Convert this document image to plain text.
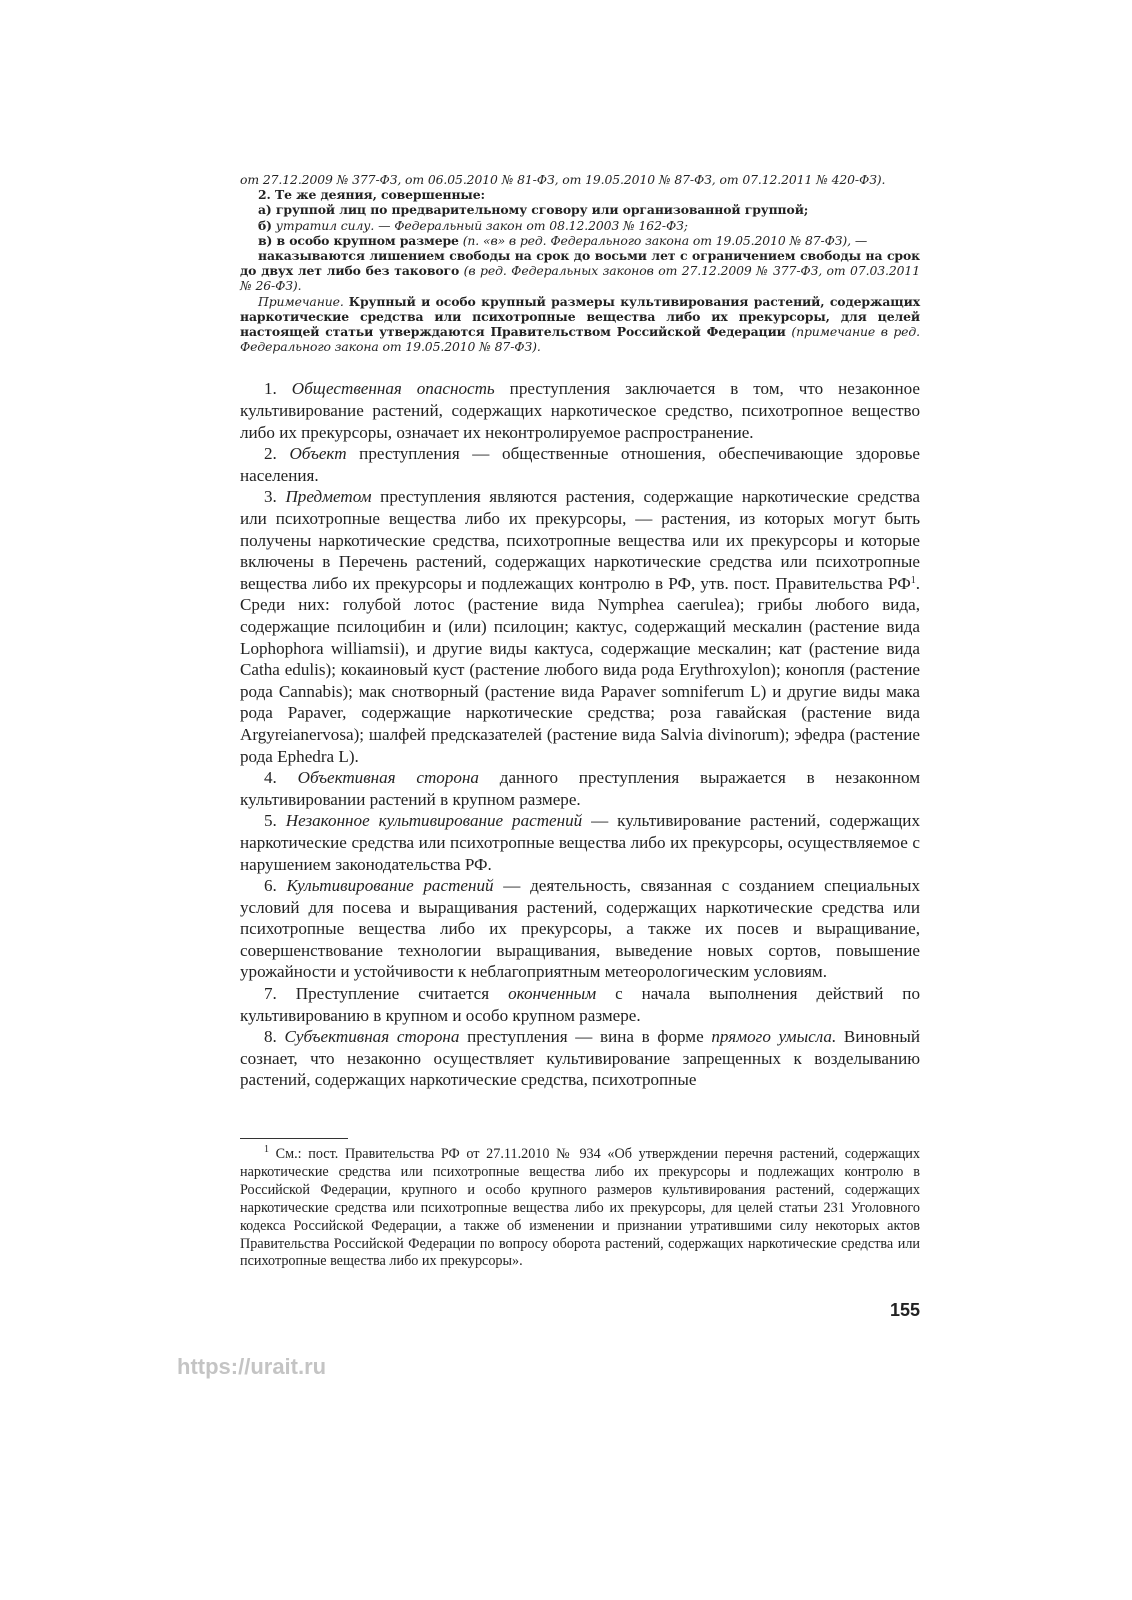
от 27.12.2009 № 377-ФЗ, от 06.05.2010 № 81-ФЗ, от 19.05.2010 № 87-ФЗ, от 07.12.2011 № 420-ФЗ).

2. Те же деяния, совершенные:

а) группой лиц по предварительному сговору или организованной группой;

б) утратил силу. — Федеральный закон от 08.12.2003 № 162-ФЗ;

в) в особо крупном размере (п. «в» в ред. Федерального закона от 19.05.2010 № 87-ФЗ), —

наказываются лишением свободы на срок до восьми лет с ограничением свободы на срок до двух лет либо без такового (в ред. Федеральных законов от 27.12.2009 № 377-ФЗ, от 07.03.2011 № 26-ФЗ).

Примечание. Крупный и особо крупный размеры культивирования растений, содержащих наркотические средства или психотропные вещества либо их прекурсоры, для целей настоящей статьи утверждаются Правительством Российской Федерации (примечание в ред. Федерального закона от 19.05.2010 № 87-ФЗ).

1. Общественная опасность преступления заключается в том, что незаконное культивирование растений, содержащих наркотическое средство, психотропное вещество либо их прекурсоры, означает их неконтролируемое распространение.

2. Объект преступления — общественные отношения, обеспечивающие здоровье населения.

3. Предметом преступления являются растения, содержащие наркотические средства или психотропные вещества либо их прекурсоры, — растения, из которых могут быть получены наркотические средства, психотропные вещества или их прекурсоры и которые включены в Перечень растений, содержащих наркотические средства или психотропные вещества либо их прекурсоры и подлежащих контролю в РФ, утв. пост. Правительства $РФ^1$. Среди них: голубой лотос (растение вида Nymphea caerulea); грибы любого вида, содержащие псилоцибин и (или) псилоцин; кактус, содержащий мескалин (растение вида Lophophora williamsii), и другие виды кактуса, содержащие мескалин; кат (растение вида Catha edulis); кокаиновый куст (растение любого вида рода Erythroxylon); конопля (растение рода Cannabis); мак снотворный (растение вида Papaver somniferum L) и другие виды мака рода Papaver, содержащие наркотические средства; роза гавайская (растение вида Argyreianervosa); шалфей предсказателей (растение вида Salvia divinorum); эфедра (растение рода Ephedra L).

4. Объективная сторона данного преступления выражается в незаконном культивировании растений в крупном размере.

5. Незаконное культивирование растений — культивирование растений, содержащих наркотические средства или психотропные вещества либо их прекурсоры, осуществляемое с нарушением законодательства РФ.

6. Культивирование растений — деятельность, связанная с созданием специальных условий для посева и выращивания растений, содержащих наркотические средства или психотропные вещества либо их прекурсоры, а также их посев и выращивание, совершенствование технологии выращивания, выведение новых сортов, повышение урожайности и устойчивости к неблагоприятным метеорологическим условиям.

7. Преступление считается оконченным с начала выполнения действий по культивированию в крупном и особо крупном размере.

8. Субъективная сторона преступления — вина в форме прямого умысла. Виновный сознает, что незаконно осуществляет культивирование запрещенных к возделыванию растений, содержащих наркотические средства, психотропные

$^1$ См.: пост. Правительства РФ от 27.11.2010 № 934 «Об утверждении перечня растений, содержащих наркотические средства или психотропные вещества либо их прекурсоры и подлежащих контролю в Российской Федерации, крупного и особо крупного размеров культивирования растений, содержащих наркотические средства или психотропные вещества либо их прекурсоры, для целей статьи 231 Уголовного кодекса Российской Федерации, а также об изменении и признании утратившими силу некоторых актов Правительства Российской Федерации по вопросу оборота растений, содержащих наркотические средства или психотропные вещества либо их прекурсоры».

155
https://urait.ru
